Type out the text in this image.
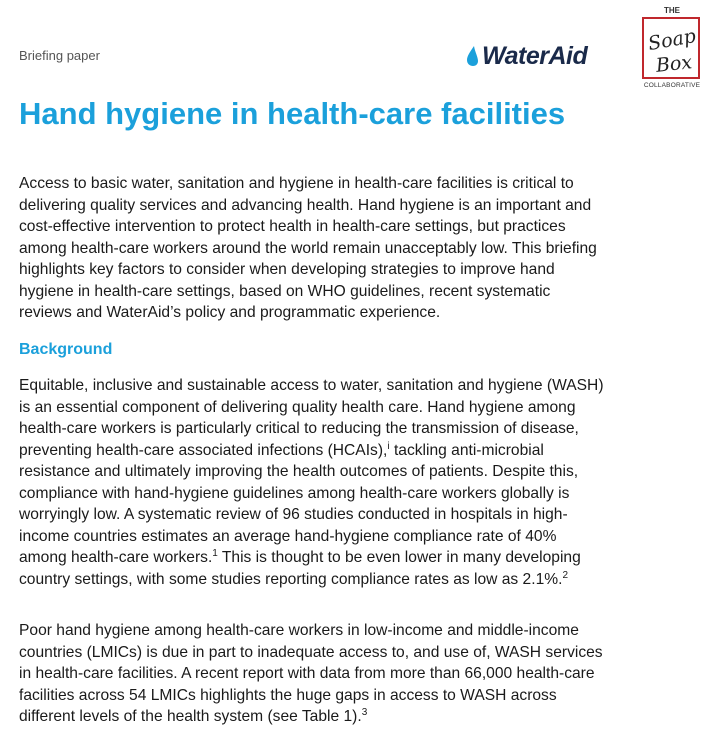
Briefing paper	WaterAid
THE
Soap
Box
COLLABORATIVE
Hand hygiene in health-care facilities

Access to basic water, sanitation and hygiene in health-care facilities is critical to
delivering quality services and advancing health. Hand hygiene is an important and
cost-effective intervention to protect health in health-care settings, but practices
among health-care workers around the world remain unacceptably low. This briefing
highlights key factors to consider when developing strategies to improve hand
hygiene in health-care settings, based on WHO guidelines, recent systematic
reviews and WaterAid’s policy and programmatic experience.

Background

Equitable, inclusive and sustainable access to water, sanitation and hygiene (WASH)
is an essential component of delivering quality health care. Hand hygiene among
health-care workers is particularly critical to reducing the transmission of disease,
preventing health-care associated infections (HCAIs),$^i$ tackling anti-microbial
resistance and ultimately improving the health outcomes of patients. Despite this,
compliance with hand-hygiene guidelines among health-care workers globally is
worryingly low. A systematic review of 96 studies conducted in hospitals in high-
income countries estimates an average hand-hygiene compliance rate of 40%
among health-care workers.$^1$ This is thought to be even lower in many developing
country settings, with some studies reporting compliance rates as low as 2.1%.$^2$

Poor hand hygiene among health-care workers in low-income and middle-income
countries (LMICs) is due in part to inadequate access to, and use of, WASH services
in health-care facilities. A recent report with data from more than 66,000 health-care
facilities across 54 LMICs highlights the huge gaps in access to WASH across
different levels of the health system (see Table 1).$^3$
